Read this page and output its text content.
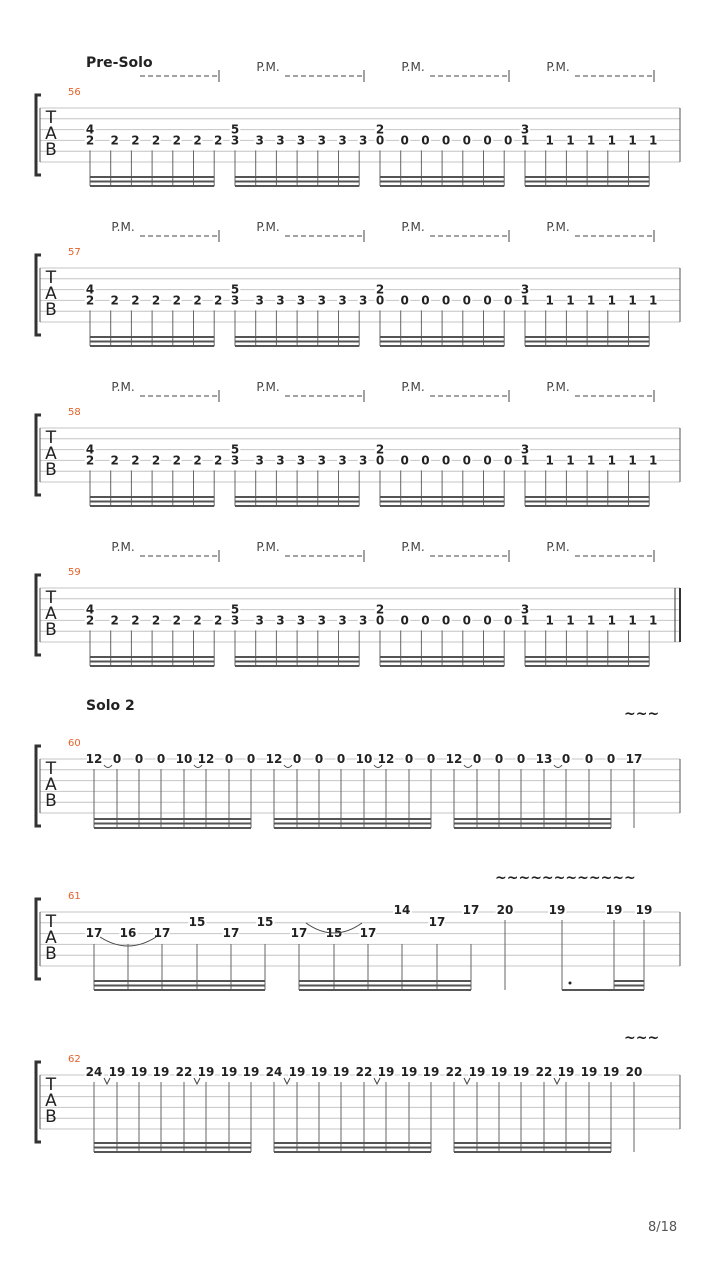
T
A
B
56
Pre-Solo
4
2 2 2 2 2 2 2
P.M.
5
3 3 3 3 3 3 3
P.M.
2
0 0 0 0 0 0 0
P.M.
3
1 1 1 1 1 1 1
T
A
B
57
P.M.
4
2 2 2 2 2 2 2
P.M.
5
3 3 3 3 3 3 3
P.M.
2
0 0 0 0 0 0 0
P.M.
3
1 1 1 1 1 1 1
T
A
B
58
P.M.
4
2 2 2 2 2 2 2
P.M.
5
3 3 3 3 3 3 3
P.M.
2
0 0 0 0 0 0 0
P.M.
3
1 1 1 1 1 1 1
T
A
B
59
P.M.
4
2 2 2 2 2 2 2
P.M.
5
3 3 3 3 3 3 3
P.M.
2
0 0 0 0 0 0 0
P.M.
3
1 1 1 1 1 1 1
Solo 2
T
A
B
60
12 0 0 0 10 12 0 0 12 0 0 0 10 12 0 0 12 0 0 0 13 0 0 0 17
~~~
T
A
B
61
17 16 17
15
17
15
17 15 17
14
17
17 20	19	19 19
~~~~~~~~~~~~
T
A
B
62
24 19 19 19 22 19 19 19 24 19 19 19 22 19 19 19 22 19 19 19 22 19 19 19 20
~~~
8/18
